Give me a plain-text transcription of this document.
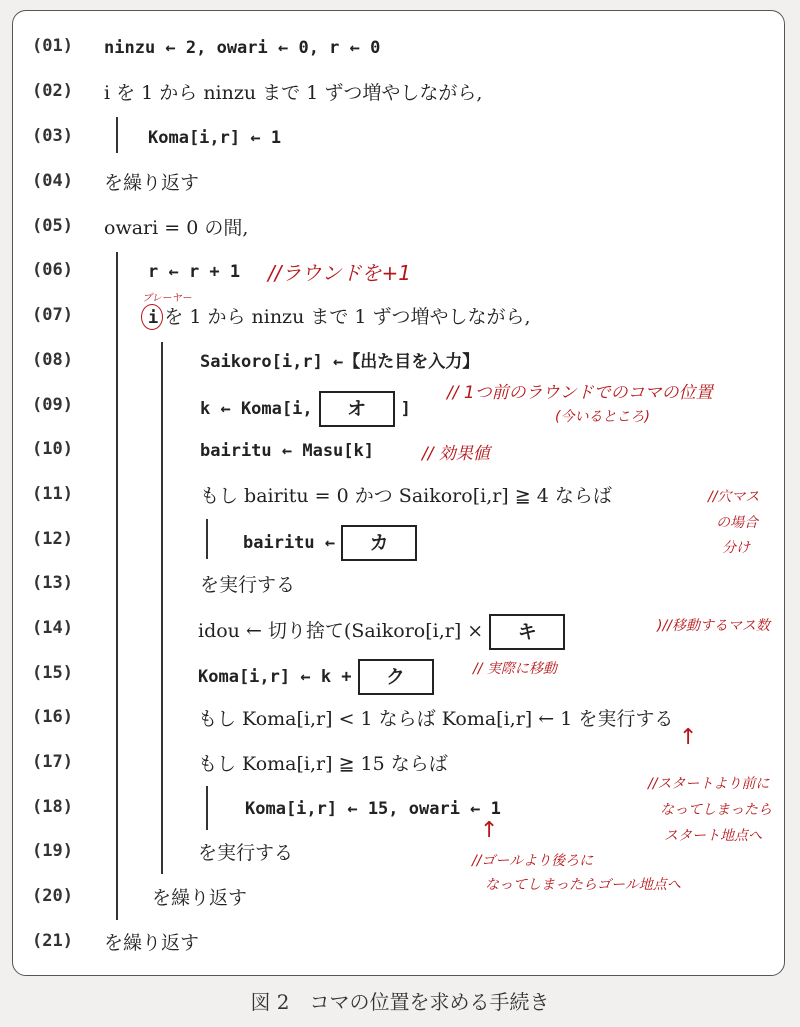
(01)
(02)
(03)
(04)
(05)
(06)
(07)
(08)
(09)
(10)
(11)
(12)
(13)
(14)
(15)
(16)
(17)
(18)
(19)
(20)
(21)
ninzu ← 2, owari ← 0, r ← 0
i を 1 から ninzu まで 1 ずつ増やしながら,
Koma[i,r] ← 1
を繰り返す
owari = 0 の間,
r ← r + 1
i を 1 から ninzu まで 1 ずつ増やしながら,
Saikoro[i,r] ←【出た目を入力】
k ← Koma[i, オ ]
bairitu ← Masu[k]
もし bairitu = 0 かつ Saikoro[i,r] ≧ 4 ならば
bairitu ← カ
を実行する
idou ← 切り捨て(Saikoro[i,r] × キ
Koma[i,r] ← k + ク
もし Koma[i,r] < 1 ならば Koma[i,r] ← 1 を実行する
もし Koma[i,r] ≧ 15 ならば
Koma[i,r] ← 15, owari ← 1
を実行する
を繰り返す
を繰り返す
//ラウンドを+1
プレーヤー
// 1つ前のラウンドでのコマの位置
(今いるところ)
// 効果値
//穴マス
の場合
分け
)//移動するマス数
// 実際に移動
↑
//スタートより前に
なってしまったら
スタート地点へ
↑
//ゴールより後ろに
なってしまったらゴール地点へ
図 2　コマの位置を求める手続き
